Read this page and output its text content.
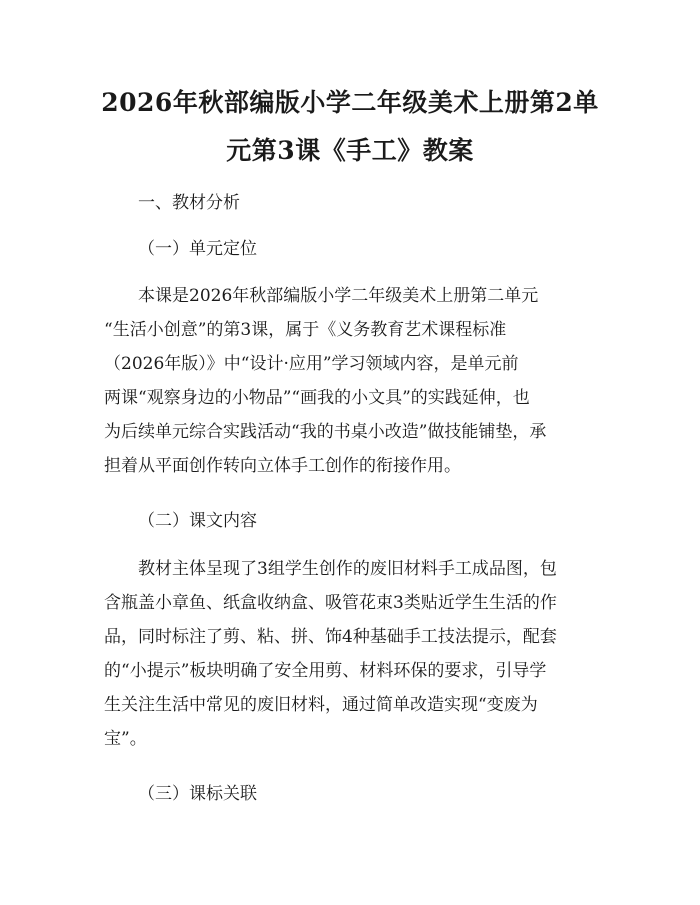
2026年秋部编版小学二年级美术上册第2单
元第3课《手工》教案
一、教材分析
（一）单元定位
本课是2026年秋部编版小学二年级美术上册第二单元
“生活小创意”的第3课，属于《义务教育艺术课程标准
（2026年版）》中“设计·应用”学习领域内容，是单元前
两课“观察身边的小物品”“画我的小文具”的实践延伸，也
为后续单元综合实践活动“我的书桌小改造”做技能铺垫，承
担着从平面创作转向立体手工创作的衔接作用。
（二）课文内容
教材主体呈现了3组学生创作的废旧材料手工成品图，包
含瓶盖小章鱼、纸盒收纳盒、吸管花束3类贴近学生生活的作
品，同时标注了剪、粘、拼、饰4种基础手工技法提示，配套
的“小提示”板块明确了安全用剪、材料环保的要求，引导学
生关注生活中常见的废旧材料，通过简单改造实现“变废为
宝”。
（三）课标关联
